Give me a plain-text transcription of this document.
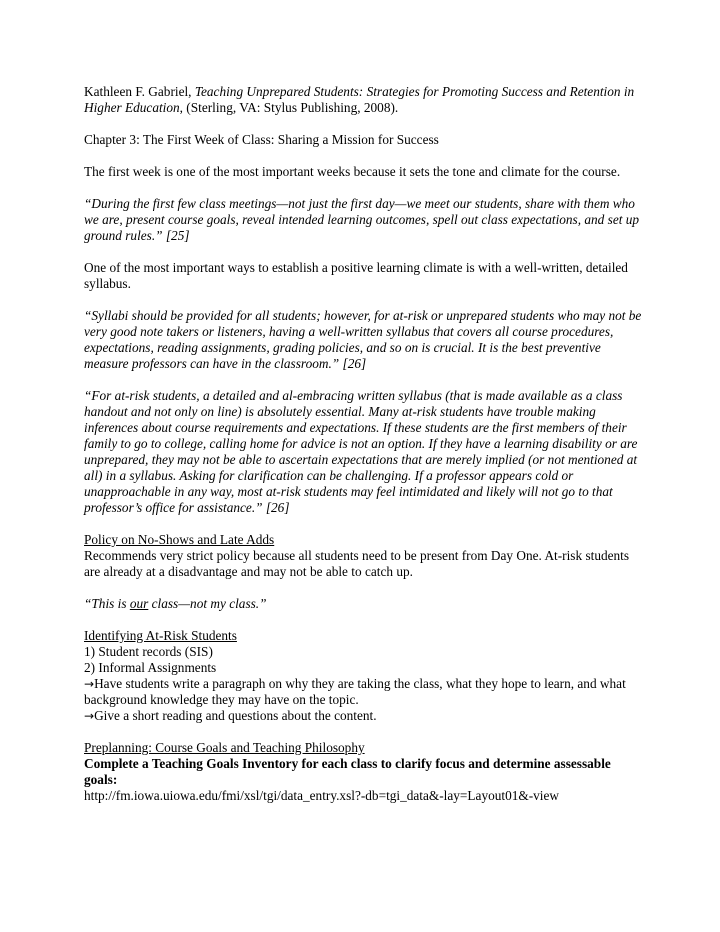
Kathleen F. Gabriel, Teaching Unprepared Students: Strategies for Promoting Success and Retention in Higher Education, (Sterling, VA: Stylus Publishing, 2008).

Chapter 3: The First Week of Class: Sharing a Mission for Success

The first week is one of the most important weeks because it sets the tone and climate for the course.

“During the first few class meetings—not just the first day—we meet our students, share with them who we are, present course goals, reveal intended learning outcomes, spell out class expectations, and set up ground rules.” [25]

One of the most important ways to establish a positive learning climate is with a well-written, detailed syllabus.

“Syllabi should be provided for all students; however, for at-risk or unprepared students who may not be very good note takers or listeners, having a well-written syllabus that covers all course procedures, expectations, reading assignments, grading policies, and so on is crucial. It is the best preventive measure professors can have in the classroom.” [26]

“For at-risk students, a detailed and al-embracing written syllabus (that is made available as a class handout and not only on line) is absolutely essential. Many at-risk students have trouble making inferences about course requirements and expectations. If these students are the first members of their family to go to college, calling home for advice is not an option. If they have a learning disability or are unprepared, they may not be able to ascertain expectations that are merely implied (or not mentioned at all) in a syllabus. Asking for clarification can be challenging. If a professor appears cold or unapproachable in any way, most at-risk students may feel intimidated and likely will not go to that professor’s office for assistance.” [26]

Policy on No-Shows and Late Adds

Recommends very strict policy because all students need to be present from Day One. At-risk students are already at a disadvantage and may not be able to catch up.

“This is our class—not my class.”

Identifying At-Risk Students

1) Student records (SIS)

2) Informal Assignments

→Have students write a paragraph on why they are taking the class, what they hope to learn, and what background knowledge they may have on the topic.

→Give a short reading and questions about the content.

Preplanning: Course Goals and Teaching Philosophy

Complete a Teaching Goals Inventory for each class to clarify focus and determine assessable goals:

http://fm.iowa.uiowa.edu/fmi/xsl/tgi/data_entry.xsl?-db=tgi_data&-lay=Layout01&-view
